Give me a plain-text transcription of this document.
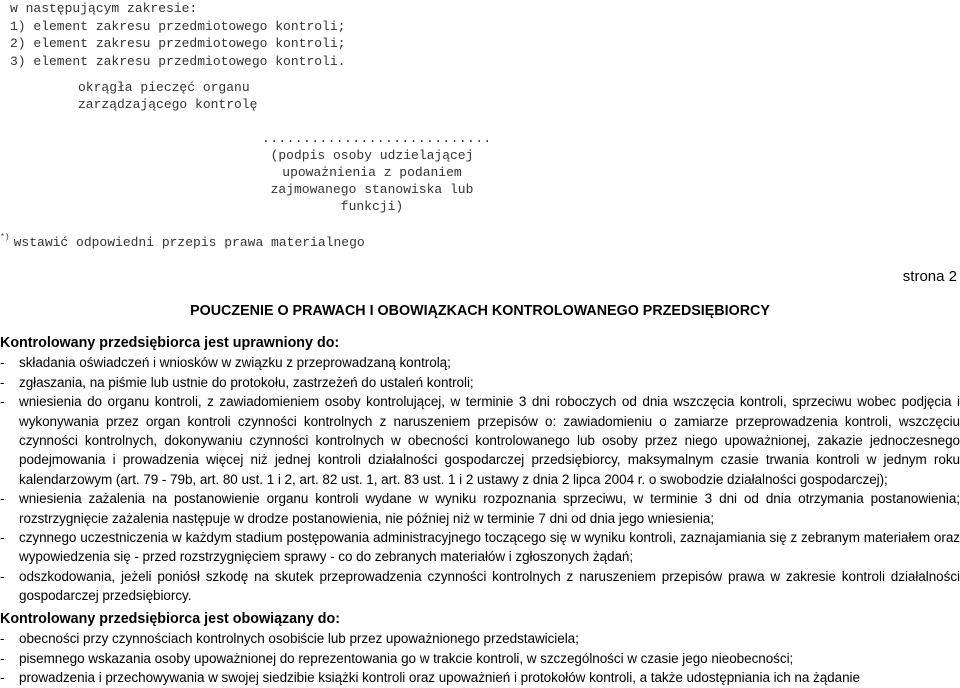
w następującym zakresie:
1) element zakresu przedmiotowego kontroli;
2) element zakresu przedmiotowego kontroli;
3) element zakresu przedmiotowego kontroli.
okrągła pieczęć organu
zarządzającego kontrolę
............................
(podpis osoby udzielającej
upoważnienia z podaniem
zajmowanego stanowiska lub
funkcji)
*) wstawić odpowiedni przepis prawa materialnego
strona 2
POUCZENIE O PRAWACH I OBOWIĄZKACH KONTROLOWANEGO PRZEDSIĘBIORCY
Kontrolowany przedsiębiorca jest uprawniony do:
- składania oświadczeń i wniosków w związku z przeprowadzaną kontrolą;
- zgłaszania, na piśmie lub ustnie do protokołu, zastrzeżeń do ustaleń kontroli;
- wniesienia do organu kontroli, z zawiadomieniem osoby kontrolującej, w terminie 3 dni roboczych od dnia wszczęcia kontroli, sprzeciwu wobec podjęcia i wykonywania przez organ kontroli czynności kontrolnych z naruszeniem przepisów o: zawiadomieniu o zamiarze przeprowadzenia kontroli, wszczęciu czynności kontrolnych, dokonywaniu czynności kontrolnych w obecności kontrolowanego lub osoby przez niego upoważnionej, zakazie jednoczesnego podejmowania i prowadzenia więcej niż jednej kontroli działalności gospodarczej przedsiębiorcy, maksymalnym czasie trwania kontroli w jednym roku kalendarzowym (art. 79 - 79b, art. 80 ust. 1 i 2, art. 82 ust. 1, art. 83 ust. 1 i 2 ustawy z dnia 2 lipca 2004 r. o swobodzie działalności gospodarczej);
- wniesienia zażalenia na postanowienie organu kontroli wydane w wyniku rozpoznania sprzeciwu, w terminie 3 dni od dnia otrzymania postanowienia; rozstrzygnięcie zażalenia następuje w drodze postanowienia, nie później niż w terminie 7 dni od dnia jego wniesienia;
- czynnego uczestniczenia w każdym stadium postępowania administracyjnego toczącego się w wyniku kontroli, zaznajamiania się z zebranym materiałem oraz wypowiedzenia się - przed rozstrzygnięciem sprawy - co do zebranych materiałów i zgłoszonych żądań;
- odszkodowania, jeżeli poniósł szkodę na skutek przeprowadzenia czynności kontrolnych z naruszeniem przepisów prawa w zakresie kontroli działalności gospodarczej przedsiębiorcy.
Kontrolowany przedsiębiorca jest obowiązany do:
- obecności przy czynnościach kontrolnych osobiście lub przez upoważnionego przedstawiciela;
- pisemnego wskazania osoby upoważnionej do reprezentowania go w trakcie kontroli, w szczególności w czasie jego nieobecności;
- prowadzenia i przechowywania w swojej siedzibie książki kontroli oraz upoważnień i protokołów kontroli, a także udostępniania ich na żądanie
